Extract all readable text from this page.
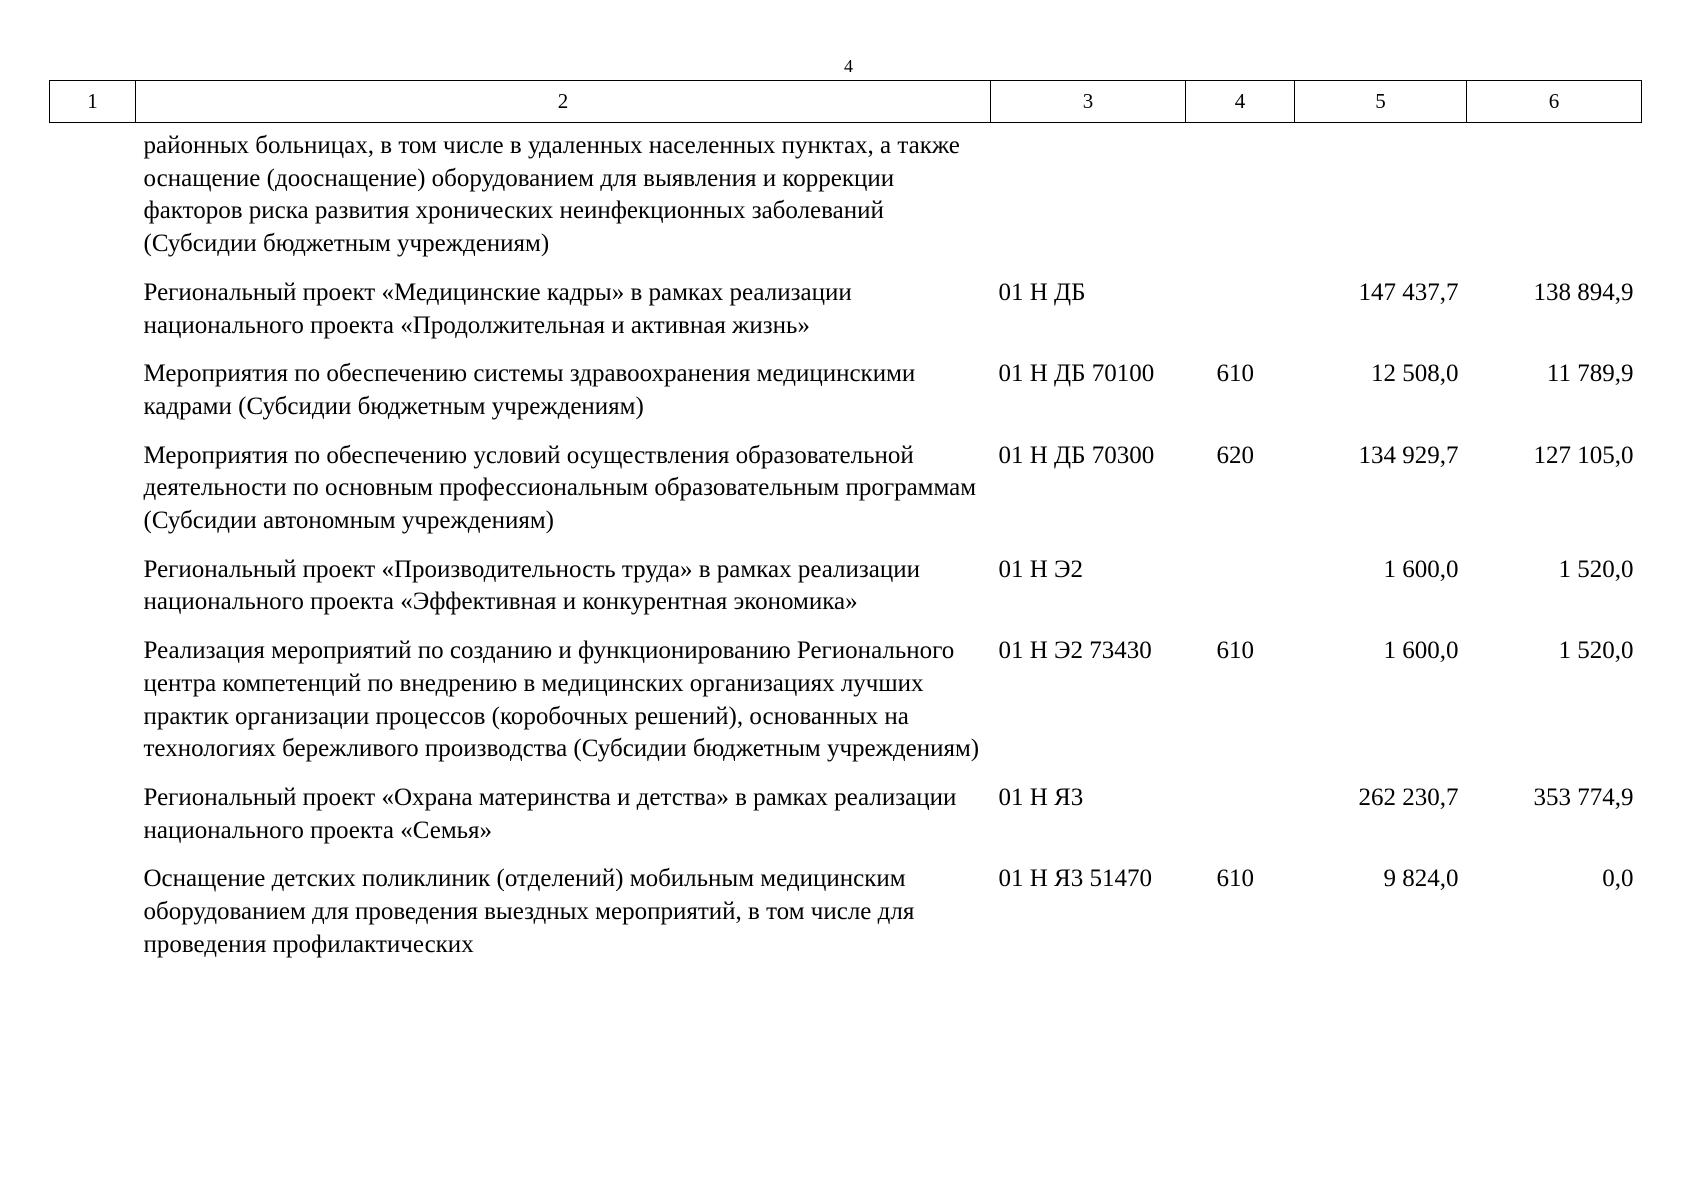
4
1	2	3	4	5	6
	районных больницах, в том числе в удаленных населенных пунктах, а также оснащение (дооснащение) оборудованием для выявления и коррекции факторов риска развития хронических неинфекционных заболеваний (Субсидии бюджетным учреждениям)				
	Региональный проект «Медицинские кадры» в рамках реализации национального проекта «Продолжительная и активная жизнь»	01 Н ДБ		147 437,7	138 894,9
	Мероприятия по обеспечению системы здравоохранения медицинскими кадрами (Субсидии бюджетным учреждениям)	01 Н ДБ 70100	610	12 508,0	11 789,9
	Мероприятия по обеспечению условий осуществления образовательной деятельности по основным профессиональным образовательным программам (Субсидии автономным учреждениям)	01 Н ДБ 70300	620	134 929,7	127 105,0
	Региональный проект «Производительность труда» в рамках реализации национального проекта «Эффективная и конкурентная экономика»	01 Н Э2		1 600,0	1 520,0
	Реализация мероприятий по созданию и функционированию Регионального центра компетенций по внедрению в медицинских организациях лучших практик организации процессов (коробочных решений), основанных на технологиях бережливого производства (Субсидии бюджетным учреждениям)	01 Н Э2 73430	610	1 600,0	1 520,0
	Региональный проект «Охрана материнства и детства» в рамках реализации национального проекта «Семья»	01 Н Я3		262 230,7	353 774,9
	Оснащение детских поликлиник (отделений) мобильным медицинским оборудованием для проведения выездных мероприятий, в том числе для проведения профилактических	01 Н Я3 51470	610	9 824,0	0,0
